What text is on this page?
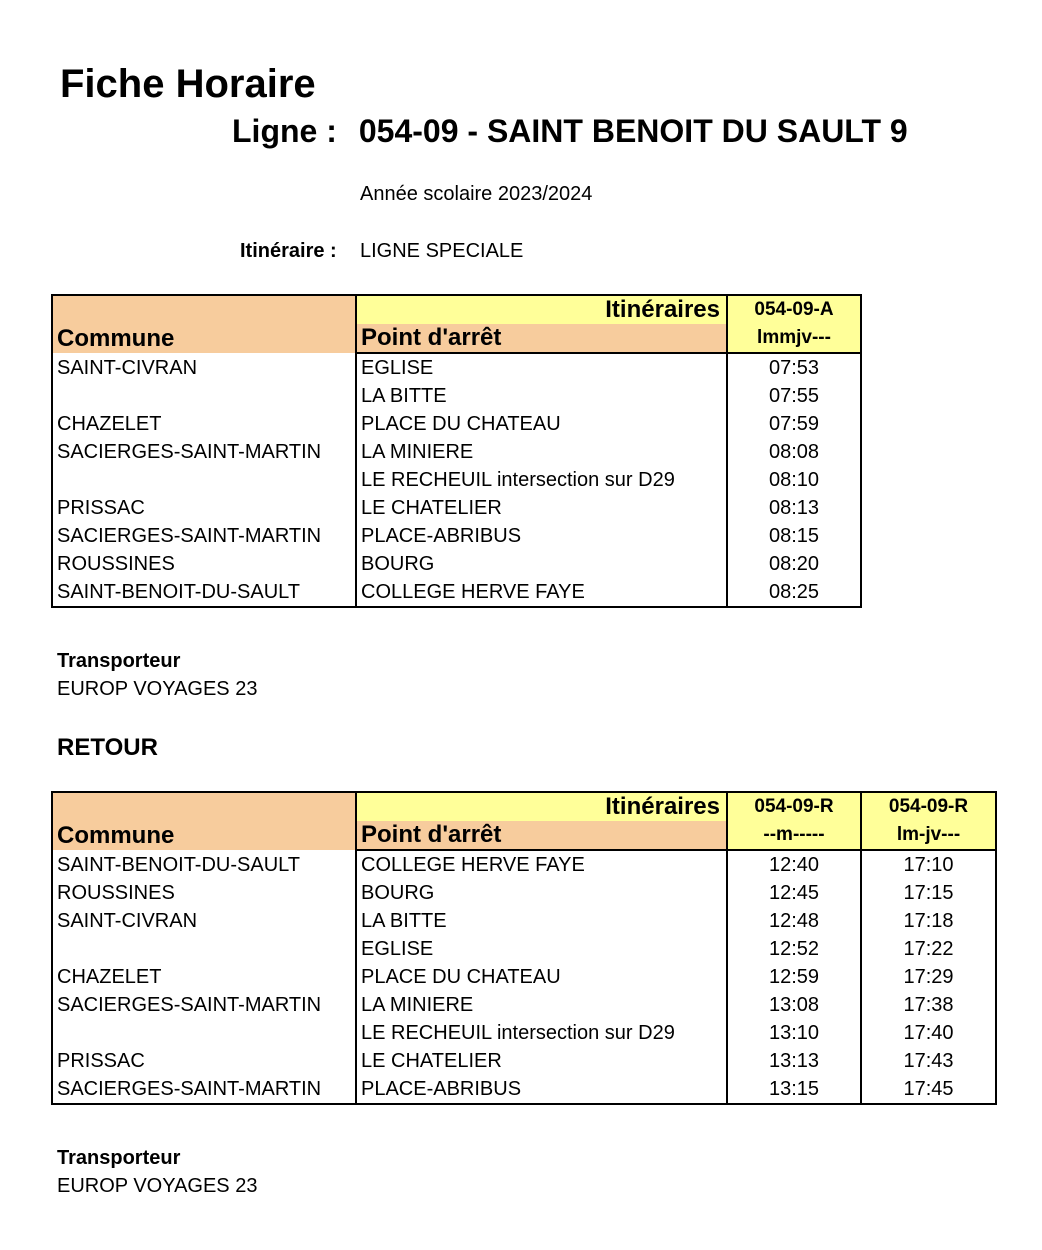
Fiche Horaire
Ligne : 054-09 - SAINT BENOIT DU SAULT 9
Année scolaire 2023/2024
Itinéraire : LIGNE SPECIALE
Commune	Itinéraires	054-09-A
	Point d'arrêt	lmmjv---
SAINT-CIVRAN	EGLISE	07:53
	LA BITTE	07:55
CHAZELET	PLACE DU CHATEAU	07:59
SACIERGES-SAINT-MARTIN	LA MINIERE	08:08
	LE RECHEUIL intersection sur D29	08:10
PRISSAC	LE CHATELIER	08:13
SACIERGES-SAINT-MARTIN	PLACE-ABRIBUS	08:15
ROUSSINES	BOURG	08:20
SAINT-BENOIT-DU-SAULT	COLLEGE HERVE FAYE	08:25
Transporteur
EUROP VOYAGES 23
RETOUR
Commune	Itinéraires	054-09-R	054-09-R
	Point d'arrêt	--m-----	lm-jv---
SAINT-BENOIT-DU-SAULT	COLLEGE HERVE FAYE	12:40	17:10
ROUSSINES	BOURG	12:45	17:15
SAINT-CIVRAN	LA BITTE	12:48	17:18
	EGLISE	12:52	17:22
CHAZELET	PLACE DU CHATEAU	12:59	17:29
SACIERGES-SAINT-MARTIN	LA MINIERE	13:08	17:38
	LE RECHEUIL intersection sur D29	13:10	17:40
PRISSAC	LE CHATELIER	13:13	17:43
SACIERGES-SAINT-MARTIN	PLACE-ABRIBUS	13:15	17:45
Transporteur
EUROP VOYAGES 23
